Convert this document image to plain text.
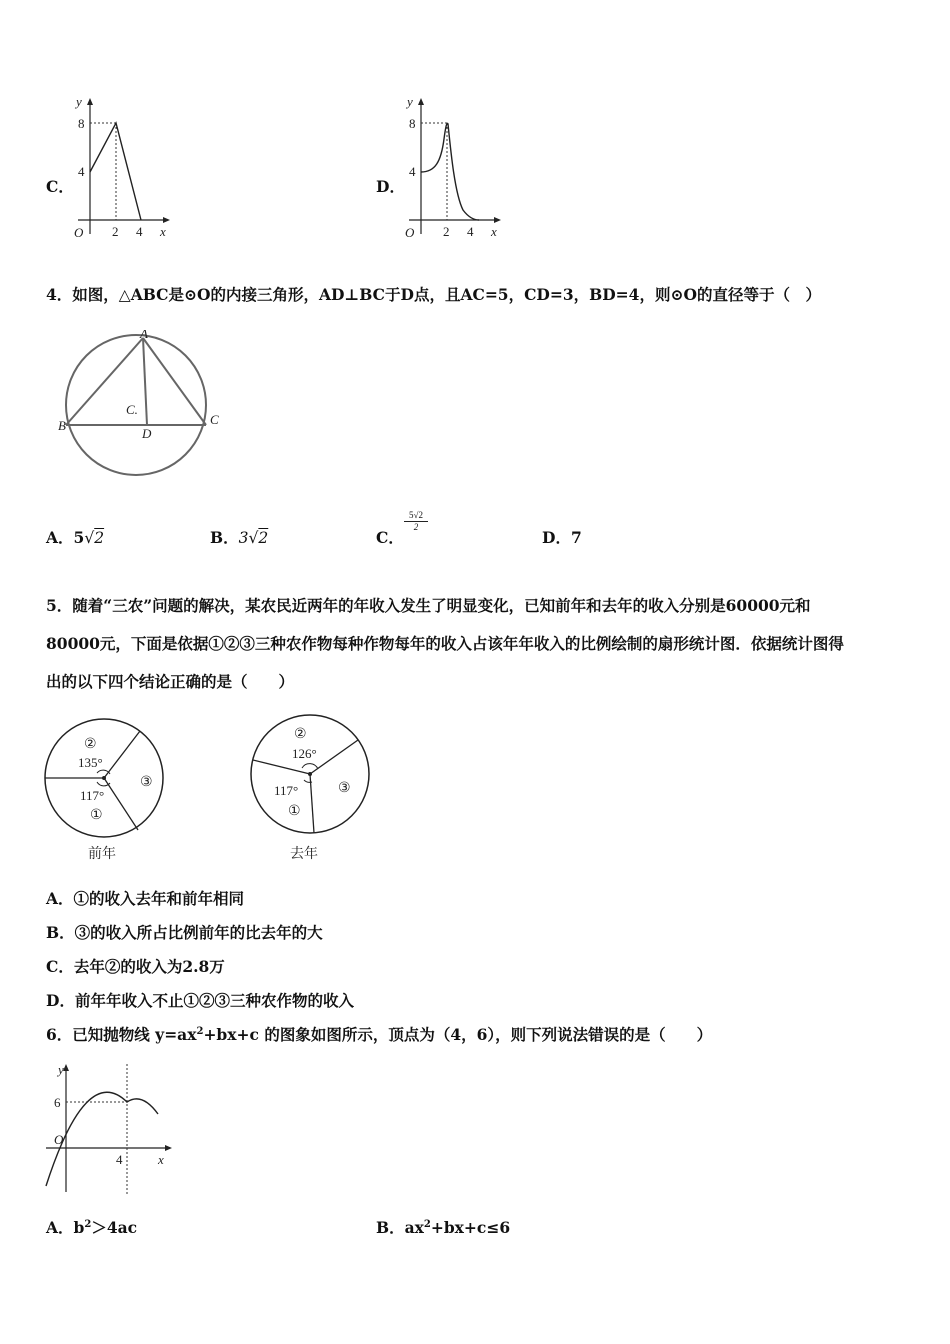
C．
y
x
O
8
4
2 4
D．
y
x
O
8
4
2 4
4．如图，△ABC是⊙O的内接三角形，AD⊥BC于D点，且AC=5，CD=3，BD=4，则⊙O的直径等于（　）
A
B	C
D
C.
A．5√2	B．3√2	C．
$\frac{5√2}{2}$
D．7
5．随着“三农”问题的解决，某农民近两年的年收入发生了明显变化，已知前年和去年的收入分别是60000元和
80000元，下面是依据①②③三种农作物每种作物每年的收入占该年年收入的比例绘制的扇形统计图．依据统计图得
出的以下四个结论正确的是（　　）
②
135°
117°
①
③
前年
②
126°
117°
①
③
去年
A．①的收入去年和前年相同
B．③的收入所占比例前年的比去年的大
C．去年②的收入为2.8万
D．前年年收入不止①②③三种农作物的收入
6．已知抛物线 $y=ax^2+bx+c$ 的图象如图所示，顶点为（4，6），则下列说法错误的是（　　）
y
x
O
6
4
A．$b^2>4ac$	B．$ax^2+bx+c\le 6$
